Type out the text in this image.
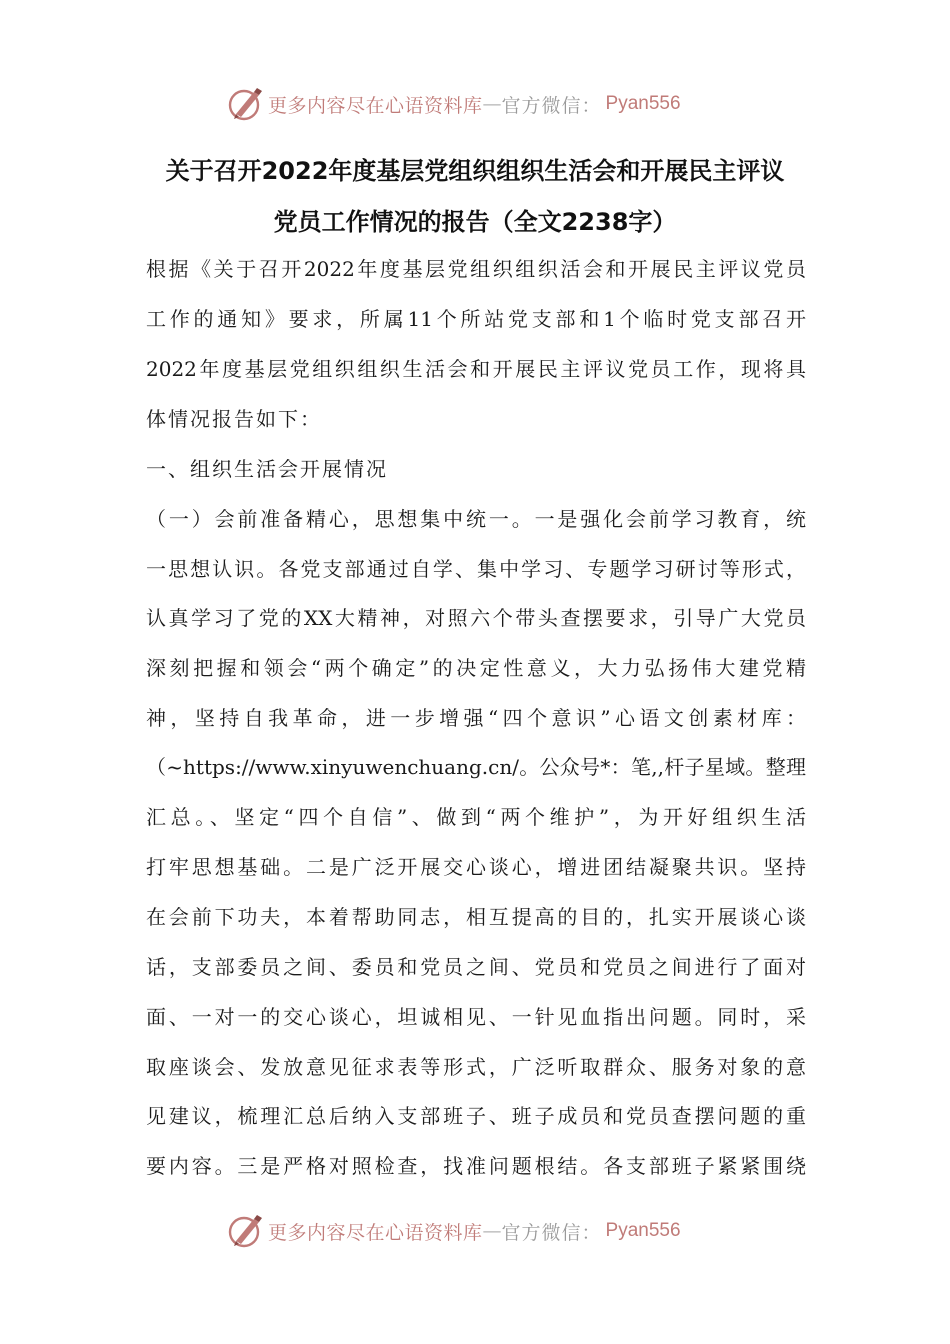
更多内容尽在心语资料库 — 官方微信： Pyan556
关于召开2022年度基层党组织组织生活会和开展民主评议
党员工作情况的报告（全文2238字）
根据《关于召开2022年度基层党组织组织活会和开展民主评议党员
工作的通知》要求，所属11个所站党支部和1个临时党支部召开
2022年度基层党组织组织生活会和开展民主评议党员工作，现将具
体情况报告如下：
一、组织生活会开展情况
（一）会前准备精心，思想集中统一。一是强化会前学习教育，统
一思想认识。各党支部通过自学、集中学习、专题学习研讨等形式，
认真学习了党的XX大精神，对照六个带头查摆要求，引导广大党员
深刻把握和领会“两个确定”的决定性意义，大力弘扬伟大建党精
神，坚持自我革命，进一步增强“四个意识”心语文创素材库：
（~https://www.xinyuwenchuang.cn/。公众号*：笔,,杆子星域。整理
汇总。、坚定“四个自信”、做到“两个维护”，为开好组织生活
打牢思想基础。二是广泛开展交心谈心，增进团结凝聚共识。坚持
在会前下功夫，本着帮助同志，相互提高的目的，扎实开展谈心谈
话，支部委员之间、委员和党员之间、党员和党员之间进行了面对
面、一对一的交心谈心，坦诚相见、一针见血指出问题。同时，采
取座谈会、发放意见征求表等形式，广泛听取群众、服务对象的意
见建议，梳理汇总后纳入支部班子、班子成员和党员查摆问题的重
要内容。三是严格对照检查，找准问题根结。各支部班子紧紧围绕
更多内容尽在心语资料库 — 官方微信： Pyan556
